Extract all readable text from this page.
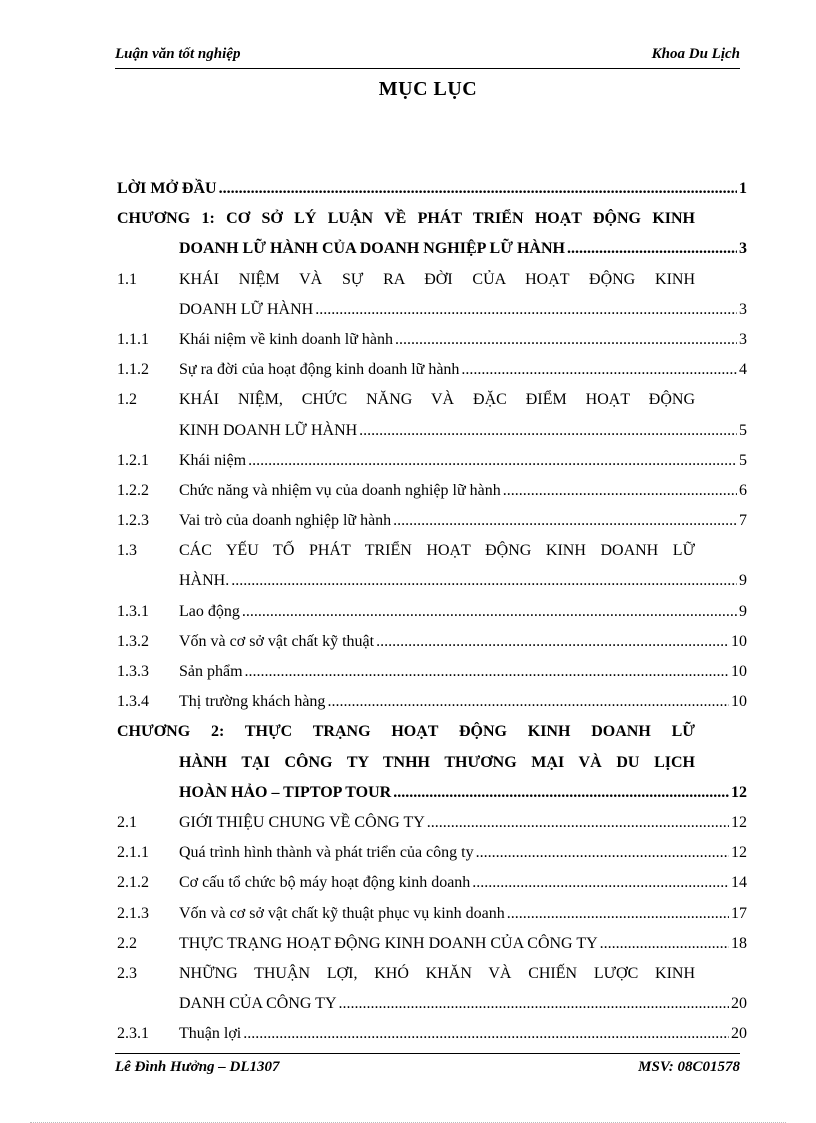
Luận văn tốt nghiệp	Khoa Du Lịch
MỤC LỤC
LỜI MỞ ĐẦU .....	1
CHƯƠNG 1: CƠ SỞ LÝ LUẬN VỀ PHÁT TRIỂN HOẠT ĐỘNG KINH
DOANH LỮ HÀNH CỦA DOANH NGHIỆP LỮ HÀNH .....	3
1.1	KHÁI NIỆM VÀ SỰ RA ĐỜI CỦA HOẠT ĐỘNG KINH
DOANH LỮ HÀNH .....	3
1.1.1 Khái niệm về kinh doanh lữ hành .....	3
1.1.2 Sự ra đời của hoạt động kinh doanh lữ hành .....	4
1.2	KHÁI NIỆM, CHỨC NĂNG VÀ ĐẶC ĐIỂM HOẠT ĐỘNG
KINH DOANH LỮ HÀNH .....	5
1.2.1 Khái niệm .....	5
1.2.2 Chức năng và nhiệm vụ của doanh nghiệp lữ hành .....	6
1.2.3 Vai trò của doanh nghiệp lữ hành .....	7
1.3	CÁC YẾU TỐ PHÁT TRIỂN HOẠT ĐỘNG KINH DOANH LỮ
HÀNH. .....	9
1.3.1 Lao động .....	9
1.3.2 Vốn và cơ sở vật chất kỹ thuật .....	10
1.3.3 Sản phẩm .....	10
1.3.4 Thị trường khách hàng .....	10
CHƯƠNG 2: THỰC TRẠNG HOẠT ĐỘNG KINH DOANH LỮ
HÀNH TẠI CÔNG TY TNHH THƯƠNG MẠI VÀ DU LỊCH
HOÀN HẢO – TIPTOP TOUR .....	12
2.1	GIỚI THIỆU CHUNG VỀ CÔNG TY .....	12
2.1.1 Quá trình hình thành và phát triển của công ty .....	12
2.1.2 Cơ cấu tổ chức bộ máy hoạt động kinh doanh .....	14
2.1.3 Vốn và cơ sở vật chất kỹ thuật phục vụ kinh doanh .....	17
2.2	THỰC TRẠNG HOẠT ĐỘNG KINH DOANH CỦA CÔNG TY .....	18
2.3	NHỮNG THUẬN LỢI, KHÓ KHĂN VÀ CHIẾN LƯỢC KINH
DANH CỦA CÔNG TY .....	20
2.3.1 Thuận lợi .....	20
Lê Đình Hưởng – DL1307	MSV: 08C01578
